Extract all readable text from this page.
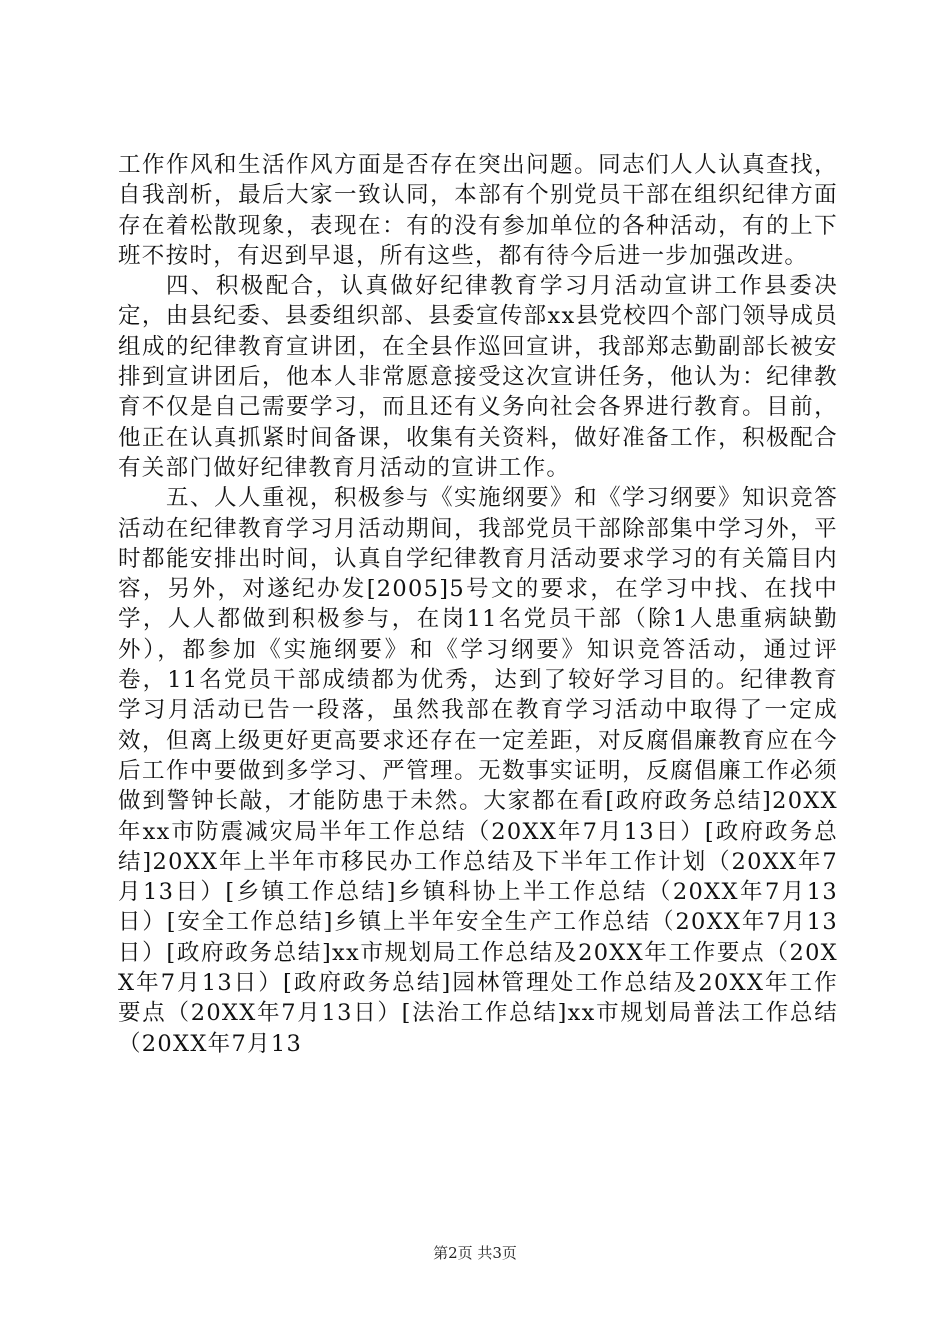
工作作风和生活作风方面是否存在突出问题。同志们人人认真查找，自我剖析，最后大家一致认同，本部有个别党员干部在组织纪律方面存在着松散现象，表现在：有的没有参加单位的各种活动，有的上下班不按时，有迟到早退，所有这些，都有待今后进一步加强改进。

四、积极配合，认真做好纪律教育学习月活动宣讲工作县委决定，由县纪委、县委组织部、县委宣传部xx县党校四个部门领导成员组成的纪律教育宣讲团，在全县作巡回宣讲，我部郑志勤副部长被安排到宣讲团后，他本人非常愿意接受这次宣讲任务，他认为：纪律教育不仅是自己需要学习，而且还有义务向社会各界进行教育。目前，他正在认真抓紧时间备课，收集有关资料，做好准备工作，积极配合有关部门做好纪律教育月活动的宣讲工作。

五、人人重视，积极参与《实施纲要》和《学习纲要》知识竞答活动在纪律教育学习月活动期间，我部党员干部除部集中学习外，平时都能安排出时间，认真自学纪律教育月活动要求学习的有关篇目内容，另外，对遂纪办发[2005]5号文的要求，在学习中找、在找中学，人人都做到积极参与，在岗11名党员干部（除1人患重病缺勤外），都参加《实施纲要》和《学习纲要》知识竞答活动，通过评卷，11名党员干部成绩都为优秀，达到了较好学习目的。纪律教育学习月活动已告一段落，虽然我部在教育学习活动中取得了一定成效，但离上级更好更高要求还存在一定差距，对反腐倡廉教育应在今后工作中要做到多学习、严管理。无数事实证明，反腐倡廉工作必须做到警钟长敲，才能防患于未然。大家都在看[政府政务总结]20XX年xx市防震减灾局半年工作总结（20XX年7月13日）[政府政务总结]20XX年上半年市移民办工作总结及下半年工作计划（20XX年7月13日）[乡镇工作总结]乡镇科协上半工作总结（20XX年7月13日）[安全工作总结]乡镇上半年安全生产工作总结（20XX年7月13日）[政府政务总结]xx市规划局工作总结及20XX年工作要点（20XX年7月13日）[政府政务总结]园林管理处工作总结及20XX年工作要点（20XX年7月13日）[法治工作总结]xx市规划局普法工作总结（20XX年7月13

第2页 共3页
